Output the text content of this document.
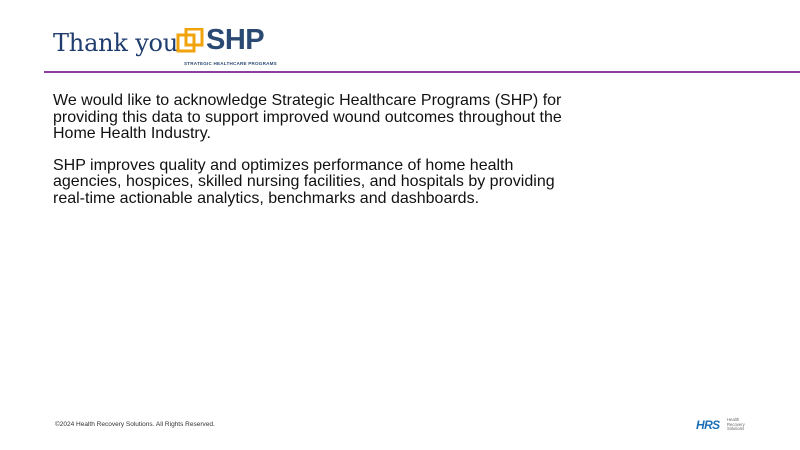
Thank you SHP
STRATEGIC HEALTHCARE PROGRAMS

We would like to acknowledge Strategic Healthcare Programs (SHP) for providing this data to support improved wound outcomes throughout the Home Health Industry.

SHP improves quality and optimizes performance of home health agencies, hospices, skilled nursing facilities, and hospitals by providing real-time actionable analytics, benchmarks and dashboards.

©2024 Health Recovery Solutions. All Rights Reserved.	HRS Health
Recovery
Solutions
